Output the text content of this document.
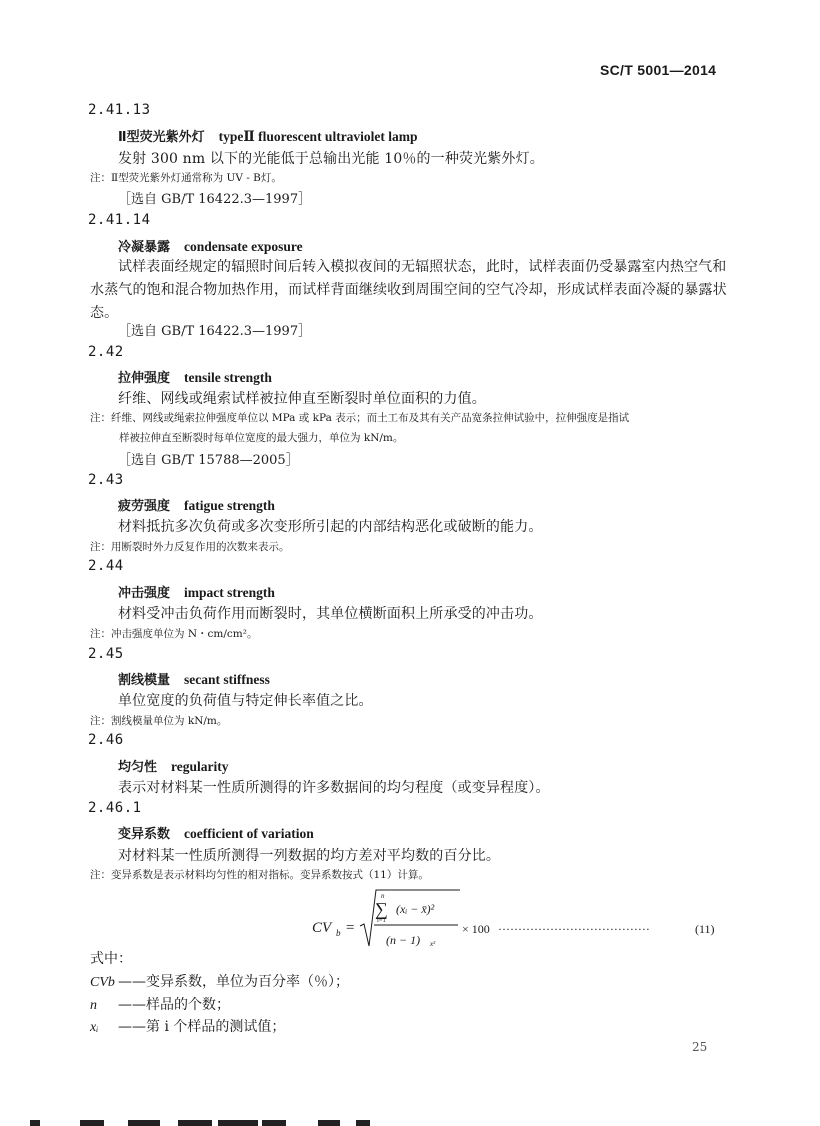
SC/T 5001—2014
2.41.13
Ⅱ型荧光紫外灯 typeⅡ fluorescent ultraviolet lamp
发射 300 nm 以下的光能低于总输出光能 10％的一种荧光紫外灯。
注：Ⅱ型荧光紫外灯通常称为 UV - B灯。
［选自 GB/T 16422.3—1997］
2.41.14
冷凝暴露 condensate exposure
试样表面经规定的辐照时间后转入模拟夜间的无辐照状态，此时，试样表面仍受暴露室内热空气和水蒸气的饱和混合物加热作用，而试样背面继续收到周围空间的空气冷却，形成试样表面冷凝的暴露状态。
［选自 GB/T 16422.3—1997］
2.42
拉伸强度 tensile strength
纤维、网线或绳索试样被拉伸直至断裂时单位面积的力值。
注：纤维、网线或绳索拉伸强度单位以 MPa 或 kPa 表示；而土工布及其有关产品宽条拉伸试验中，拉伸强度是指试
样被拉伸直至断裂时每单位宽度的最大强力，单位为 kN/m。
［选自 GB/T 15788—2005］
2.43
疲劳强度 fatigue strength
材料抵抗多次负荷或多次变形所引起的内部结构恶化或破断的能力。
注：用断裂时外力反复作用的次数来表示。
2.44
冲击强度 impact strength
材料受冲击负荷作用而断裂时，其单位横断面积上所承受的冲击功。
注：冲击强度单位为 N・cm/cm²。
2.45
割线模量 secant stiffness
单位宽度的负荷值与特定伸长率值之比。
注：割线模量单位为 kN/m。
2.46
均匀性 regularity
表示对材料某一性质所测得的许多数据间的均匀程度（或变异程度）。
2.46.1
变异系数 coefficient of variation
对材料某一性质所测得一列数据的均方差对平均数的百分比。
注：变异系数是表示材料均匀性的相对指标。变异系数按式（11）计算。
CV b =
n
∑
i=1
(xᵢ − x̄)²
(n − 1) x²
× 100 ······································	(11)
式中：
CVb ——变异系数，单位为百分率（％）；
n ——样品的个数；
xᵢ ——第 i 个样品的测试值；
25
